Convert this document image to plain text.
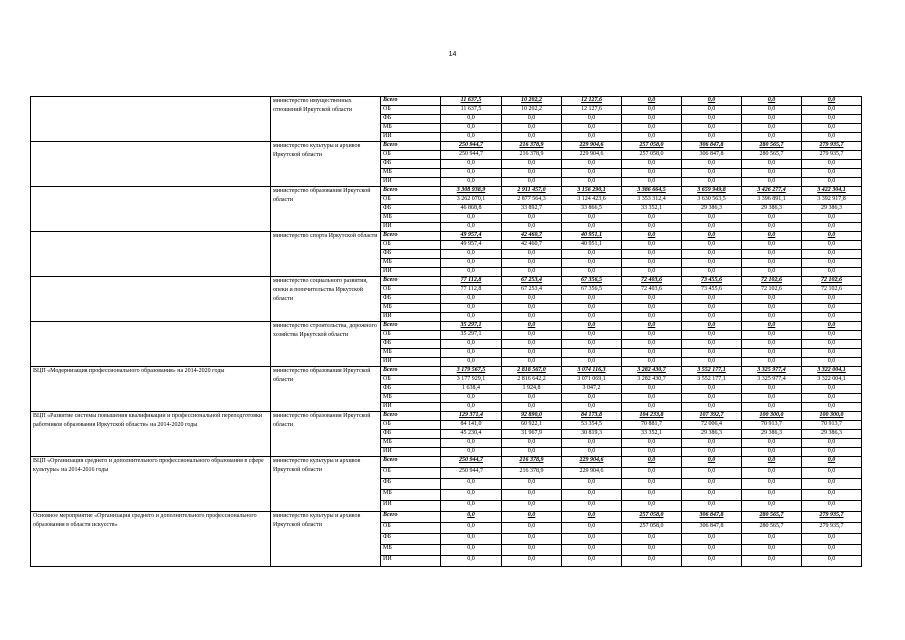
14
	министерство имущественных отношений Иркутской области	Всего	11 637,5	10 202,2	12 127,6	0,0	0,0	0,0	0,0
		ОБ	11 637,5	10 202,2	12 127,6	0,0	0,0	0,0	0,0
		ФБ	0,0	0,0	0,0	0,0	0,0	0,0	0,0
		МБ	0,0	0,0	0,0	0,0	0,0	0,0	0,0
		ИИ	0,0	0,0	0,0	0,0	0,0	0,0	0,0
	министерство культуры и архивов Иркутской области	Всего	250 944,7	216 378,9	229 904,6	257 058,0	306 847,8	280 565,7	279 935,7
		ОБ	250 944,7	216 378,9	229 904,6	257 058,0	306 847,8	280 565,7	279 935,7
		ФБ	0,0	0,0	0,0	0,0	0,0	0,0	0,0
		МБ	0,0	0,0	0,0	0,0	0,0	0,0	0,0
		ИИ	0,0	0,0	0,0	0,0	0,0	0,0	0,0
	министерство образования Иркутской области	Всего	3 308 938,9	2 911 457,0	3 156 290,1	3 386 664,5	3 659 949,8	3 426 277,4	3 422 304,1
		ОБ	3 262 070,1	2 877 564,3	3 124 423,6	3 353 312,4	3 630 563,5	3 396 891,1	3 392 917,8
		ФБ	46 868,8	33 892,7	33 866,5	33 352,1	29 386,3	29 386,3	29 386,3
		МБ	0,0	0,0	0,0	0,0	0,0	0,0	0,0
		ИИ	0,0	0,0	0,0	0,0	0,0	0,0	0,0
	министерство спорта Иркутской области	Всего	49 957,4	42 460,7	40 951,1	0,0	0,0	0,0	0,0
		ОБ	49 957,4	42 460,7	40 951,1	0,0	0,0	0,0	0,0
		ФБ	0,0	0,0	0,0	0,0	0,0	0,0	0,0
		МБ	0,0	0,0	0,0	0,0	0,0	0,0	0,0
		ИИ	0,0	0,0	0,0	0,0	0,0	0,0	0,0
	министерство социального развития, опеки и попечительства Иркутской области	Всего	77 112,8	67 253,4	67 356,5	72 403,6	73 455,6	72 102,6	72 102,6
		ОБ	77 112,8	67 253,4	67 356,5	72 403,6	73 455,6	72 102,6	72 102,6
		ФБ	0,0	0,0	0,0	0,0	0,0	0,0	0,0
		МБ	0,0	0,0	0,0	0,0	0,0	0,0	0,0
		ИИ	0,0	0,0	0,0	0,0	0,0	0,0	0,0
	министерство строительства, дорожного хозяйства Иркутской области	Всего	35 297,1	0,0	0,0	0,0	0,0	0,0	0,0
		ОБ	35 297,1	0,0	0,0	0,0	0,0	0,0	0,0
		ФБ	0,0	0,0	0,0	0,0	0,0	0,0	0,0
		МБ	0,0	0,0	0,0	0,0	0,0	0,0	0,0
		ИИ	0,0	0,0	0,0	0,0	0,0	0,0	0,0
ВЦП «Модернизация профессионального образования» на 2014-2020 годы	министерство образования Иркутской области	Всего	3 179 567,5	2 818 567,0	3 074 116,3	3 282 430,7	3 552 177,1	3 325 977,4	3 322 004,1
		ОБ	3 177 929,1	2 816 642,2	3 071 069,1	3 282 430,7	3 552 177,1	3 325 977,4	3 322 004,1
		ФБ	1 638,4	1 924,8	3 047,2	0,0	0,0	0,0	0,0
		МБ	0,0	0,0	0,0	0,0	0,0	0,0	0,0
		ИИ	0,0	0,0	0,0	0,0	0,0	0,0	0,0
ВЦП «Развитие системы повышения квалификации и профессиональной переподготовки работников образования Иркутской области» на 2014-2020 годы	министерство образования Иркутской области	Всего	129 371,4	92 890,0	84 173,8	104 233,8	107 392,7	100 300,0	100 300,0
		ОБ	84 141,0	60 922,1	53 354,5	70 881,7	72 006,4	70 913,7	70 913,7
		ФБ	45 230,4	31 967,9	30 819,3	33 352,1	29 386,3	29 386,3	29 386,3
		МБ	0,0	0,0	0,0	0,0	0,0	0,0	0,0
		ИИ	0,0	0,0	0,0	0,0	0,0	0,0	0,0
ВЦП «Организация среднего и дополнительного профессионального образования в сфере культуры» на 2014-2016 годы	министерство культуры и архивов Иркутской области	Всего	250 944,7	216 378,9	229 904,6	0,0	0,0	0,0	0,0
		ОБ	250 944,7	216 378,9	229 904,6	0,0	0,0	0,0	0,0
		ФБ	0,0	0,0	0,0	0,0	0,0	0,0	0,0
		МБ	0,0	0,0	0,0	0,0	0,0	0,0	0,0
		ИИ	0,0	0,0	0,0	0,0	0,0	0,0	0,0
Основное мероприятие «Организация среднего и дополнительного профессионального образования в области искусств»	министерство культуры и архивов Иркутской области	Всего	0,0	0,0	0,0	257 058,0	306 847,8	280 565,7	279 935,7
		ОБ	0,0	0,0	0,0	257 058,0	306 847,8	280 565,7	279 935,7
		ФБ	0,0	0,0	0,0	0,0	0,0	0,0	0,0
		МБ	0,0	0,0	0,0	0,0	0,0	0,0	0,0
		ИИ	0,0	0,0	0,0	0,0	0,0	0,0	0,0
